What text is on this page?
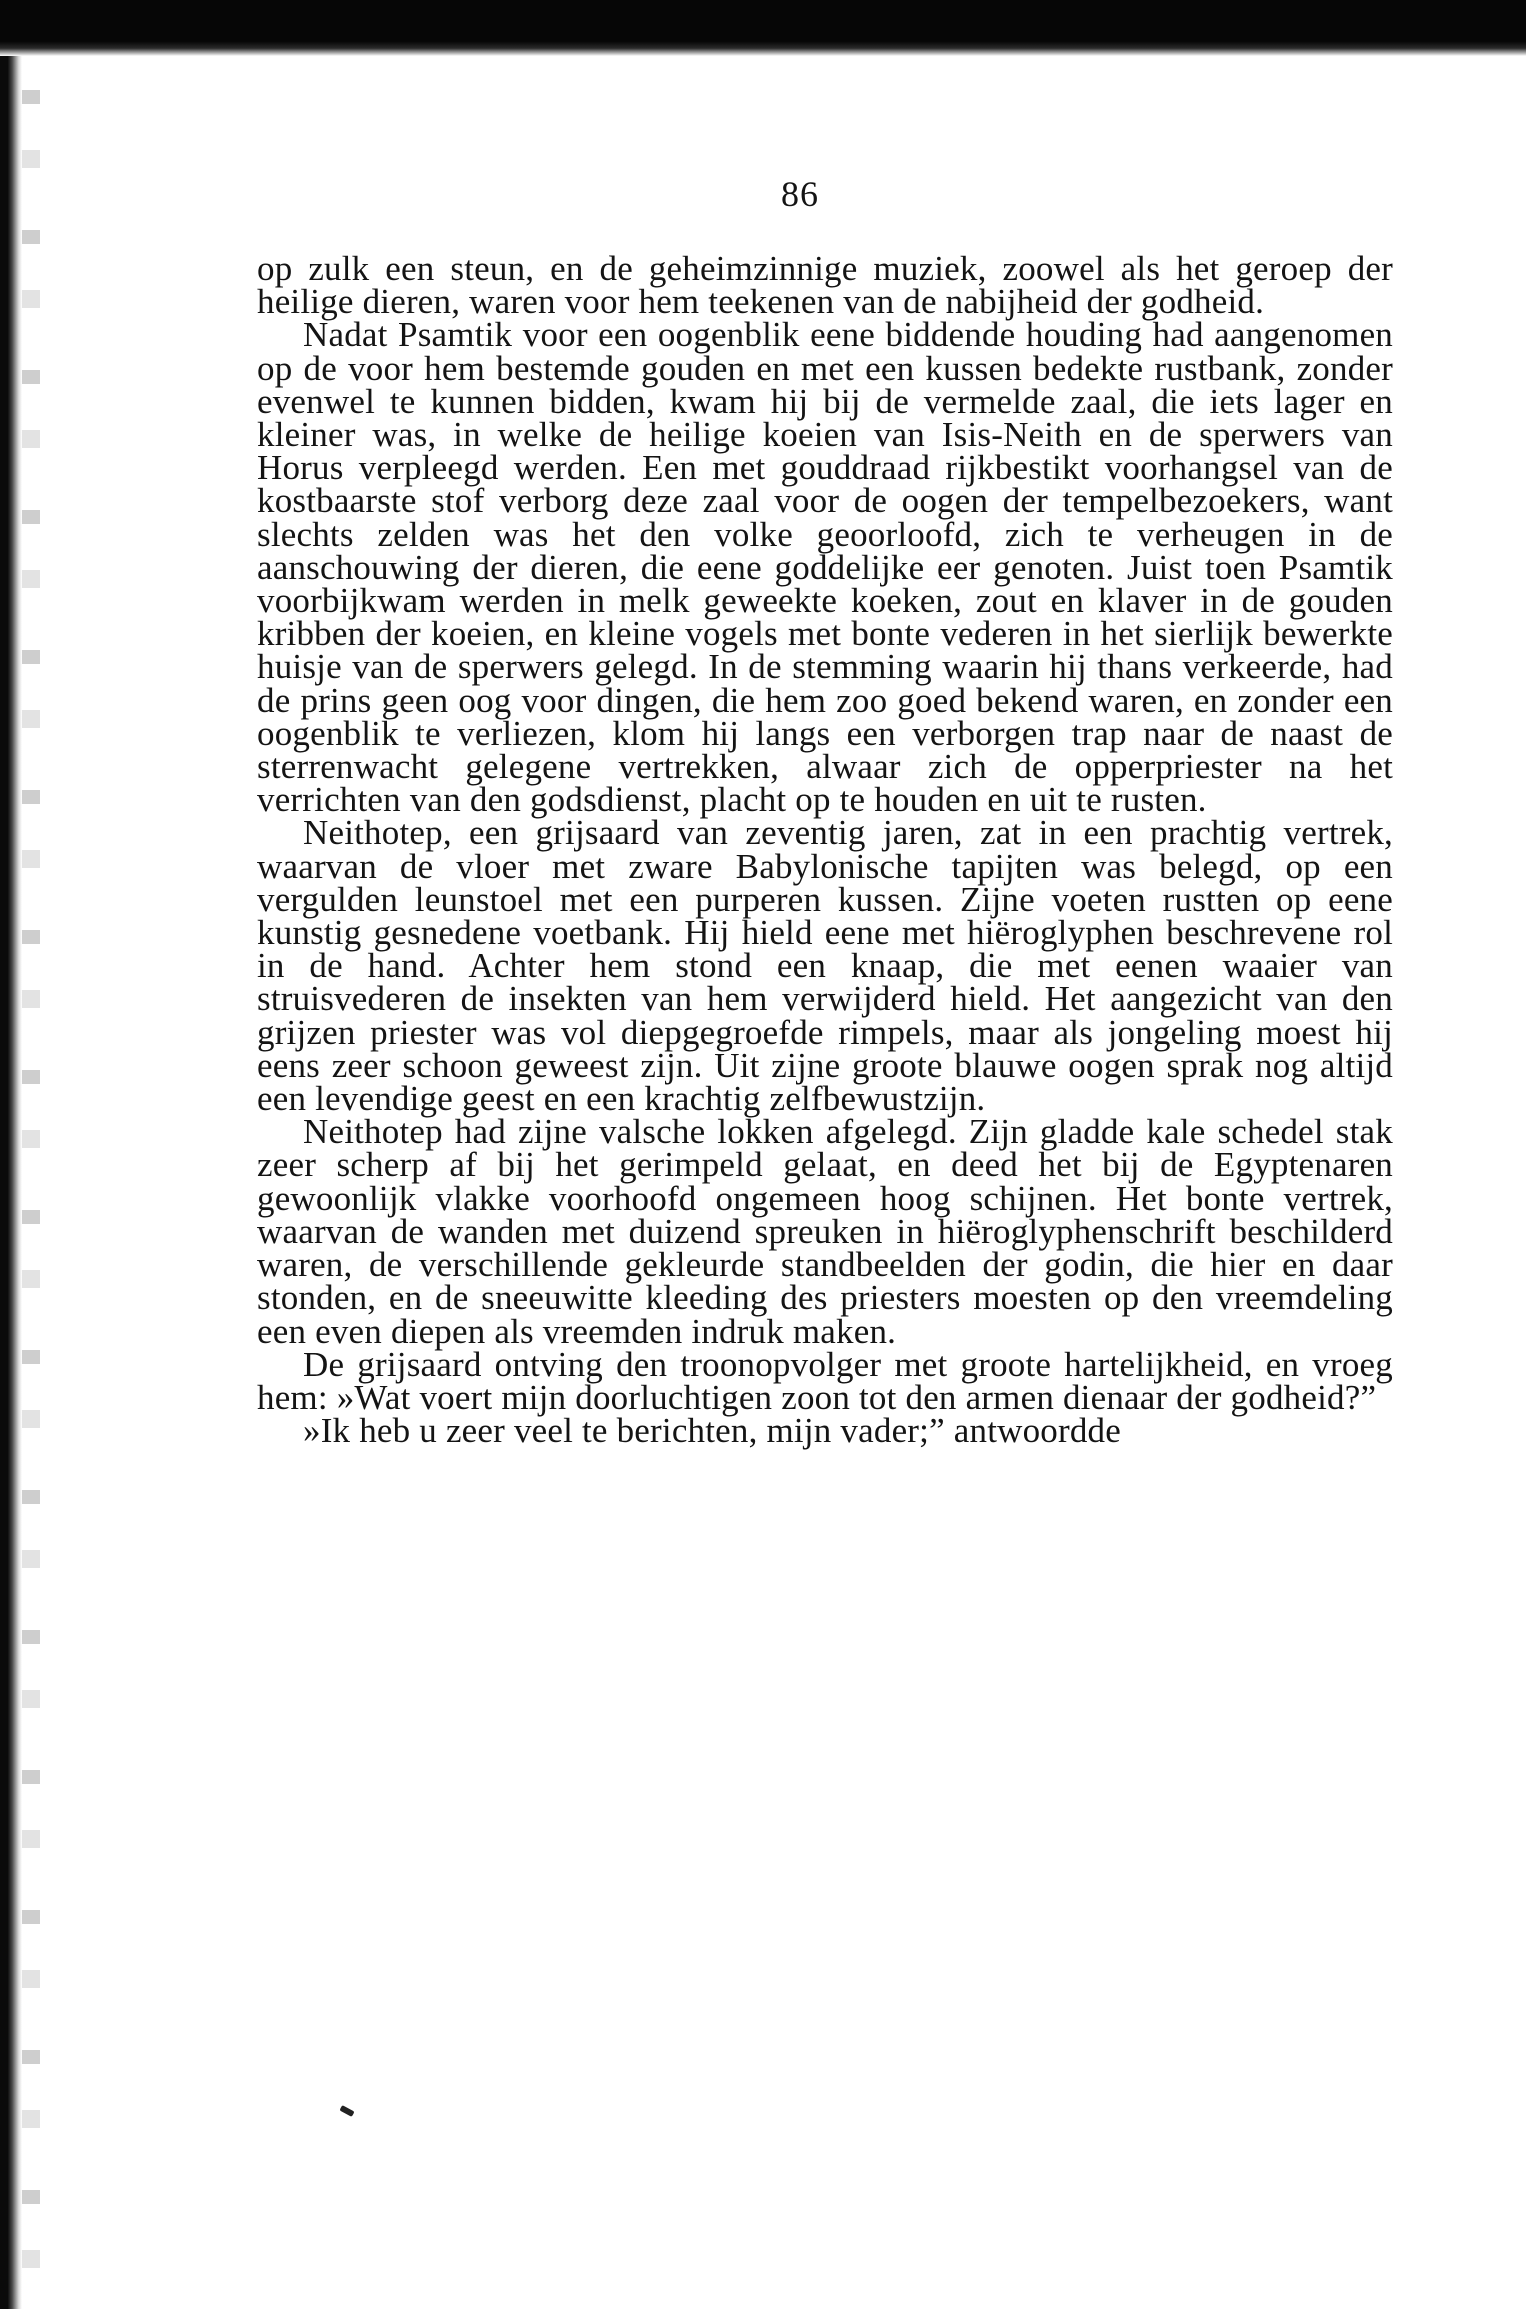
86

op zulk een steun, en de geheimzinnige muziek, zoowel als het geroep der heilige dieren, waren voor hem teekenen van de nabijheid der godheid.

Nadat Psamtik voor een oogenblik eene biddende houding had aangenomen op de voor hem bestemde gouden en met een kussen bedekte rustbank, zonder evenwel te kunnen bidden, kwam hij bij de vermelde zaal, die iets lager en kleiner was, in welke de heilige koeien van Isis-Neith en de sperwers van Horus verpleegd werden. Een met gouddraad rijkbestikt voorhangsel van de kostbaarste stof verborg deze zaal voor de oogen der tempelbezoekers, want slechts zelden was het den volke geoorloofd, zich te verheugen in de aanschouwing der dieren, die eene goddelijke eer genoten. Juist toen Psamtik voorbijkwam werden in melk geweekte koeken, zout en klaver in de gouden kribben der koeien, en kleine vogels met bonte vederen in het sierlijk bewerkte huisje van de sperwers gelegd. In de stemming waarin hij thans verkeerde, had de prins geen oog voor dingen, die hem zoo goed bekend waren, en zonder een oogenblik te verliezen, klom hij langs een verborgen trap naar de naast de sterrenwacht gelegene vertrekken, alwaar zich de opperpriester na het verrichten van den godsdienst, placht op te houden en uit te rusten.

Neithotep, een grijsaard van zeventig jaren, zat in een prachtig vertrek, waarvan de vloer met zware Babylonische tapijten was belegd, op een vergulden leunstoel met een purperen kussen. Zijne voeten rustten op eene kunstig gesnedene voetbank. Hij hield eene met hiëroglyphen beschrevene rol in de hand. Achter hem stond een knaap, die met eenen waaier van struisvederen de insekten van hem verwijderd hield. Het aangezicht van den grijzen priester was vol diepgegroefde rimpels, maar als jongeling moest hij eens zeer schoon geweest zijn. Uit zijne groote blauwe oogen sprak nog altijd een levendige geest en een krachtig zelfbewustzijn.

Neithotep had zijne valsche lokken afgelegd. Zijn gladde kale schedel stak zeer scherp af bij het gerimpeld gelaat, en deed het bij de Egyptenaren gewoonlijk vlakke voorhoofd ongemeen hoog schijnen. Het bonte vertrek, waarvan de wanden met duizend spreuken in hiëroglyphenschrift beschilderd waren, de verschillende gekleurde standbeelden der godin, die hier en daar stonden, en de sneeuwitte kleeding des priesters moesten op den vreemdeling een even diepen als vreemden indruk maken.

De grijsaard ontving den troonopvolger met groote hartelijkheid, en vroeg hem: »Wat voert mijn doorluchtigen zoon tot den armen dienaar der godheid?”

»Ik heb u zeer veel te berichten, mijn vader;” antwoordde
